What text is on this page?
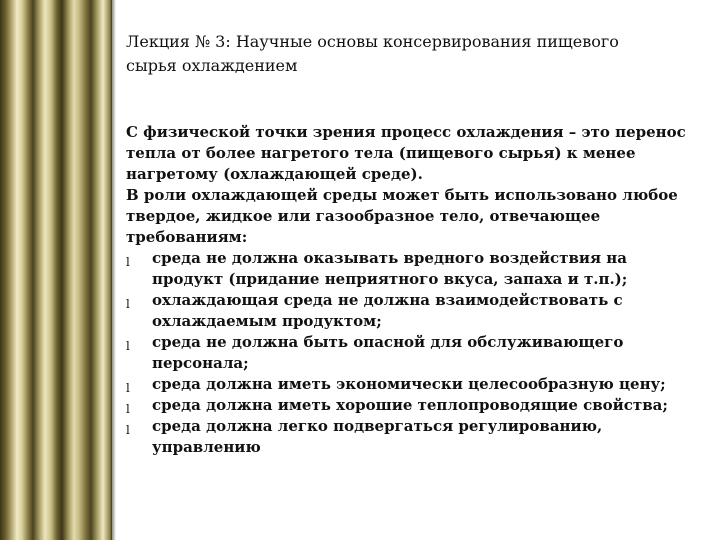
Лекция № 3: Научные основы консервирования пищевого
сырья охлаждением

С физической точки зрения процесс охлаждения – это перенос
тепла от более нагретого тела (пищевого сырья) к менее
нагретому (охлаждающей среде).

В роли охлаждающей среды может быть использовано любое
твердое, жидкое или газообразное тело, отвечающее
требованиям:

l среда не должна оказывать вредного воздействия на
продукт (придание неприятного вкуса, запаха и т.п.);
l охлаждающая среда не должна взаимодействовать с
охлаждаемым продуктом;
l среда не должна быть опасной для обслуживающего
персонала;
l среда должна иметь экономически целесообразную цену;
l среда должна иметь хорошие теплопроводящие свойства;
l среда должна легко подвергаться регулированию,
управлению
